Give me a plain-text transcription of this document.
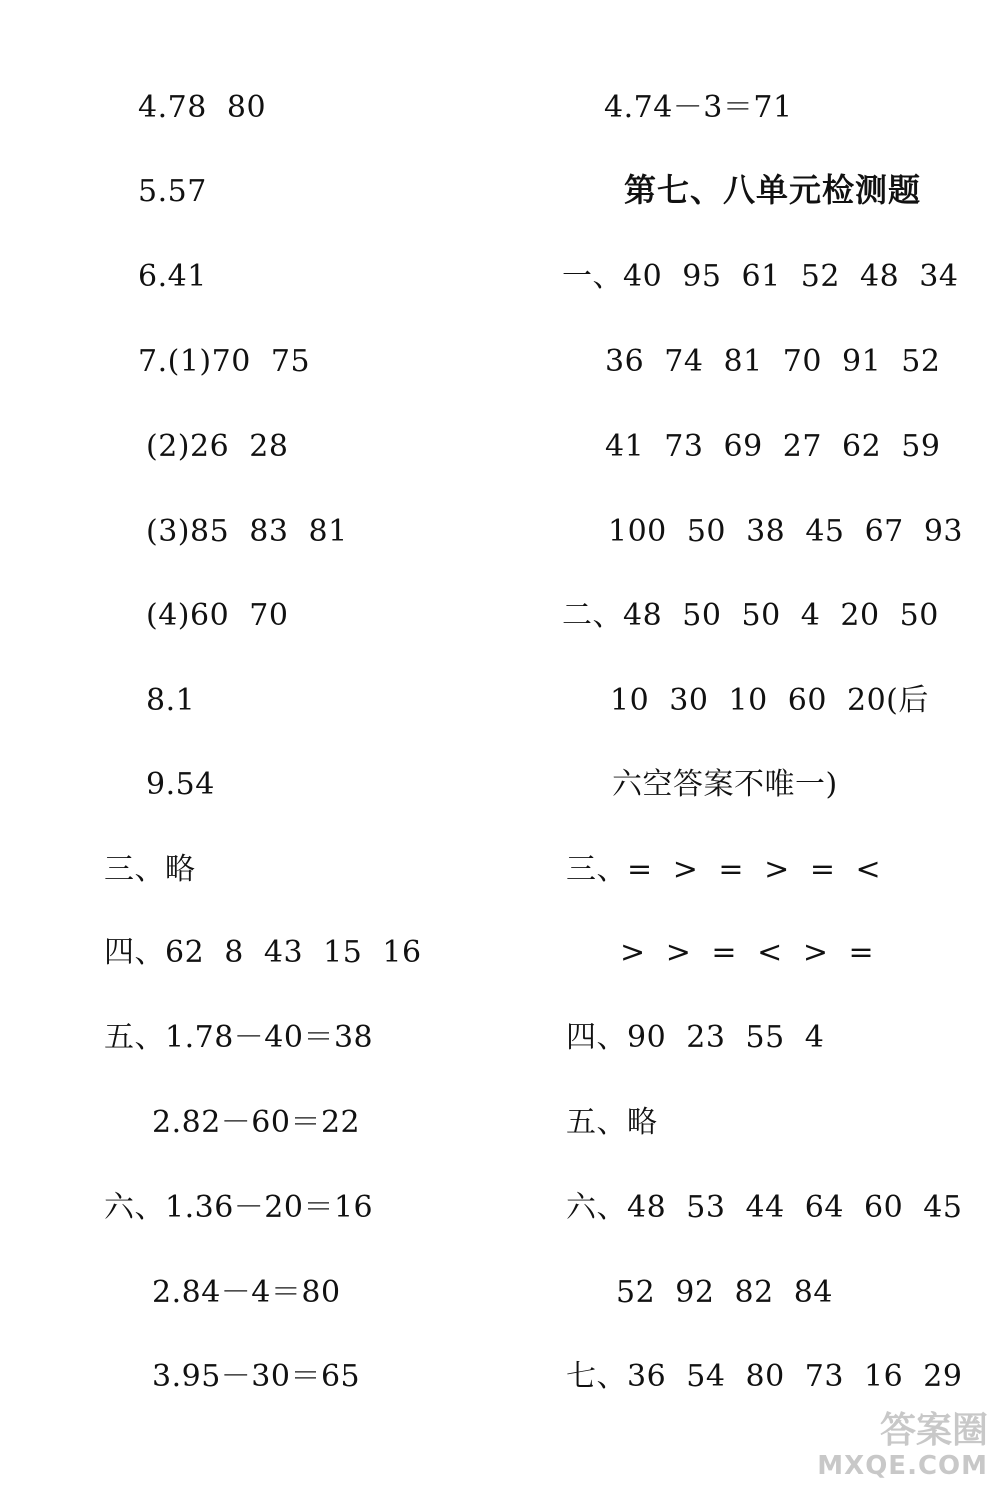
4.78  80
5.57
6.41
7.(1)70  75
(2)26  28
(3)85  83  81
(4)60  70
8.1
9.54
三、略
四、62  8  43  15  16
五、1.78－40＝38
2.82－60＝22
六、1.36－20＝16
2.84－4＝80
3.95－30＝65
4.74－3＝71
第七、八单元检测题
一、40  95  61  52  48  34
36  74  81  70  91  52
41  73  69  27  62  59
100  50  38  45  67  93
二、48  50  50  4  20  50
10  30  10  60  20(后
六空答案不唯一)
三、=  >  =  >  =  <
>  >  =  <  >  =
四、90  23  55  4
五、略
六、48  53  44  64  60  45
52  92  82  84
七、36  54  80  73  16  29
答案圈
MXQE.COM
